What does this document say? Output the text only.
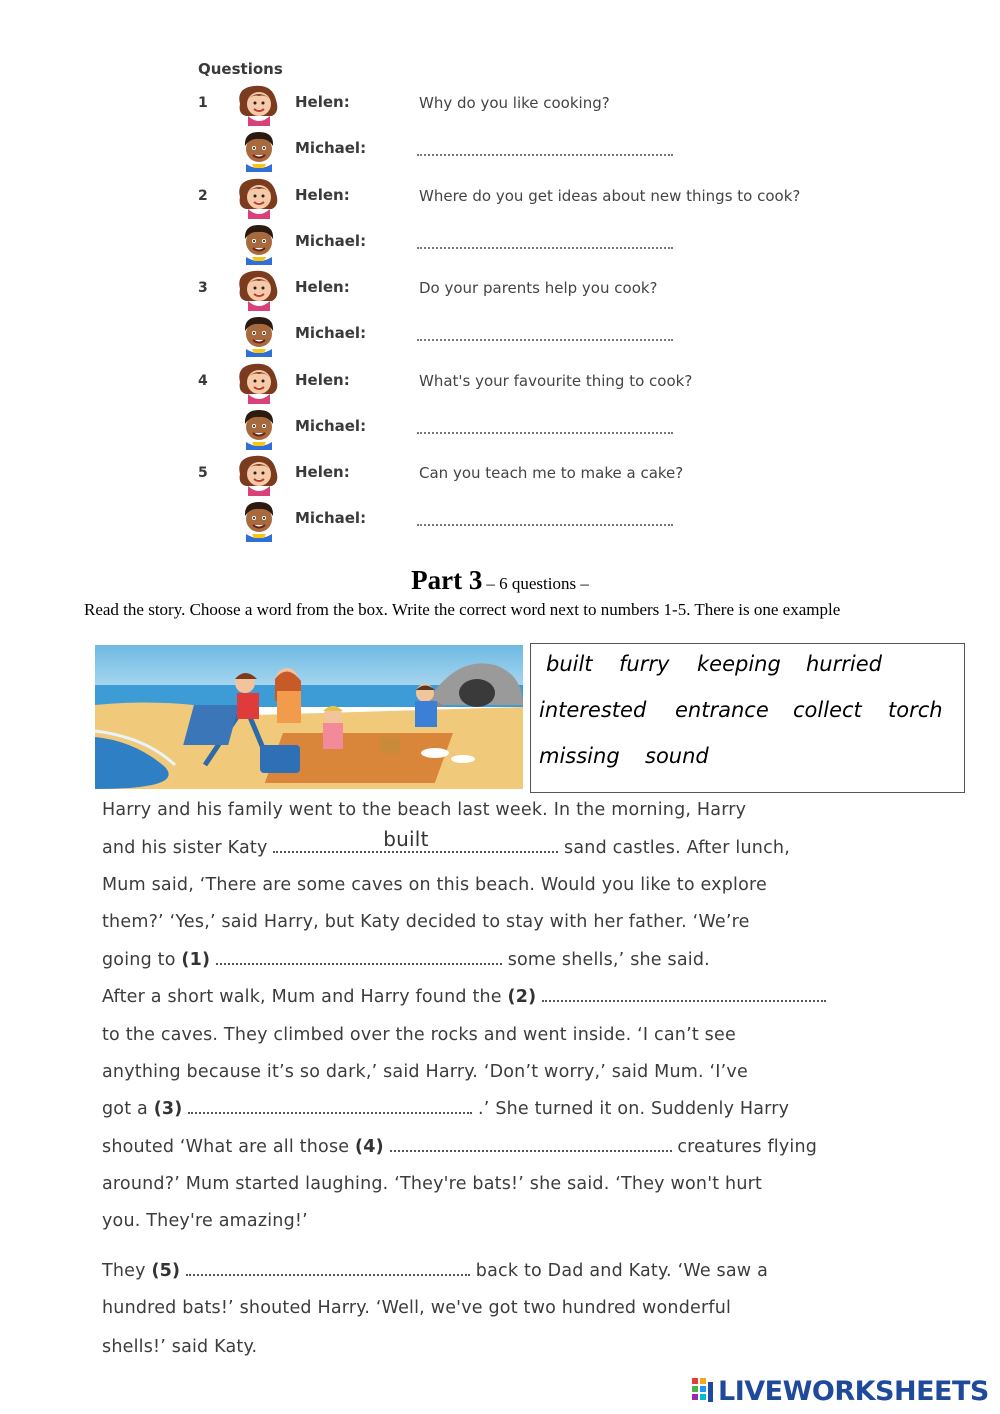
Questions
1	Helen:	Why do you like cooking?
Michael:
2	Helen:	Where do you get ideas about new things to cook?
Michael:
3	Helen:	Do your parents help you cook?
Michael:
4	Helen:	What's your favourite thing to cook?
Michael:
5	Helen:	Can you teach me to make a cake?
Michael:
Part 3 – 6 questions –
Read the story. Choose a word from the box. Write the correct word next to numbers 1-5. There is one example
built furry keeping hurried
interested entrance collect torch
missing sound
Harry and his family went to the beach last week. In the morning, Harry
and his sister Katy	built	sand castles. After lunch,
Mum said, ‘There are some caves on this beach. Would you like to explore
them?’ ‘Yes,’ said Harry, but Katy decided to stay with her father. ‘We’re
going to (1)	some shells,’ she said.
After a short walk, Mum and Harry found the (2)
to the caves. They climbed over the rocks and went inside. ‘I can’t see
anything because it’s so dark,’ said Harry. ‘Don’t worry,’ said Mum. ‘I’ve
got a (3)	.’ She turned it on. Suddenly Harry
shouted ‘What are all those (4)	creatures flying
around?’ Mum started laughing. ‘They're bats!’ she said. ‘They won't hurt
you. They're amazing!’
They (5)	back to Dad and Katy. ‘We saw a
hundred bats!’ shouted Harry. ‘Well, we've got two hundred wonderful
shells!’ said Katy.
LIVEWORKSHEETS
